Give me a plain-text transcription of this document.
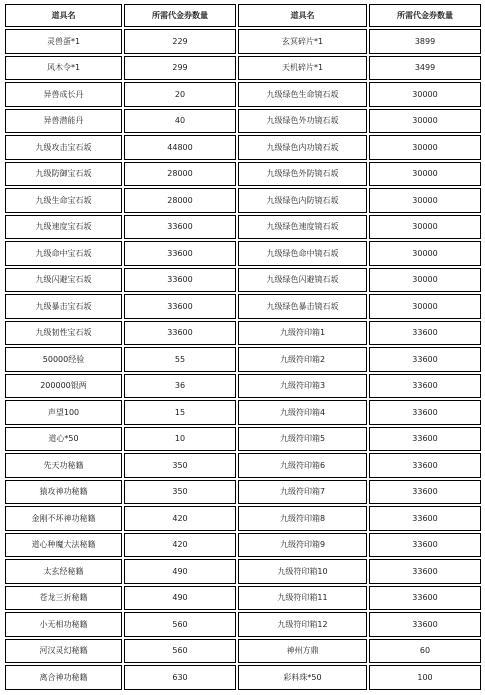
道具名	所需代金券数量	道具名	所需代金券数量
灵兽蛋*1	229	玄冥碎片*1	3899
风木令*1	299	天机碎片*1	3499
异兽成长丹	20	九级绿色生命镜石坂	30000
异兽潜能丹	40	九级绿色外功镜石坂	30000
九级攻击宝石坂	44800	九级绿色内功镜石坂	30000
九级防御宝石坂	28000	九级绿色外防镜石坂	30000
九级生命宝石坂	28000	九级绿色内防镜石坂	30000
九级速度宝石坂	33600	九级绿色速度镜石坂	30000
九级命中宝石坂	33600	九级绿色命中镜石坂	30000
九级闪避宝石坂	33600	九级绿色闪避镜石坂	30000
九级暴击宝石坂	33600	九级绿色暴击镜石坂	30000
九级韧性宝石坂	33600	九级符印箱1	33600
50000经验	55	九级符印箱2	33600
200000银两	36	九级符印箱3	33600
声望100	15	九级符印箱4	33600
道心*50	10	九级符印箱5	33600
先天功秘籍	350	九级符印箱6	33600
猿攻神功秘籍	350	九级符印箱7	33600
金刚不坏神功秘籍	420	九级符印箱8	33600
道心种魔大法秘籍	420	九级符印箱9	33600
太玄经秘籍	490	九级符印箱10	33600
苍龙三折秘籍	490	九级符印箱11	33600
小无相功秘籍	560	九级符印箱12	33600
河汉灵幻秘籍	560	神州方鼎	60
离合神功秘籍	630	彩料珠*50	100
